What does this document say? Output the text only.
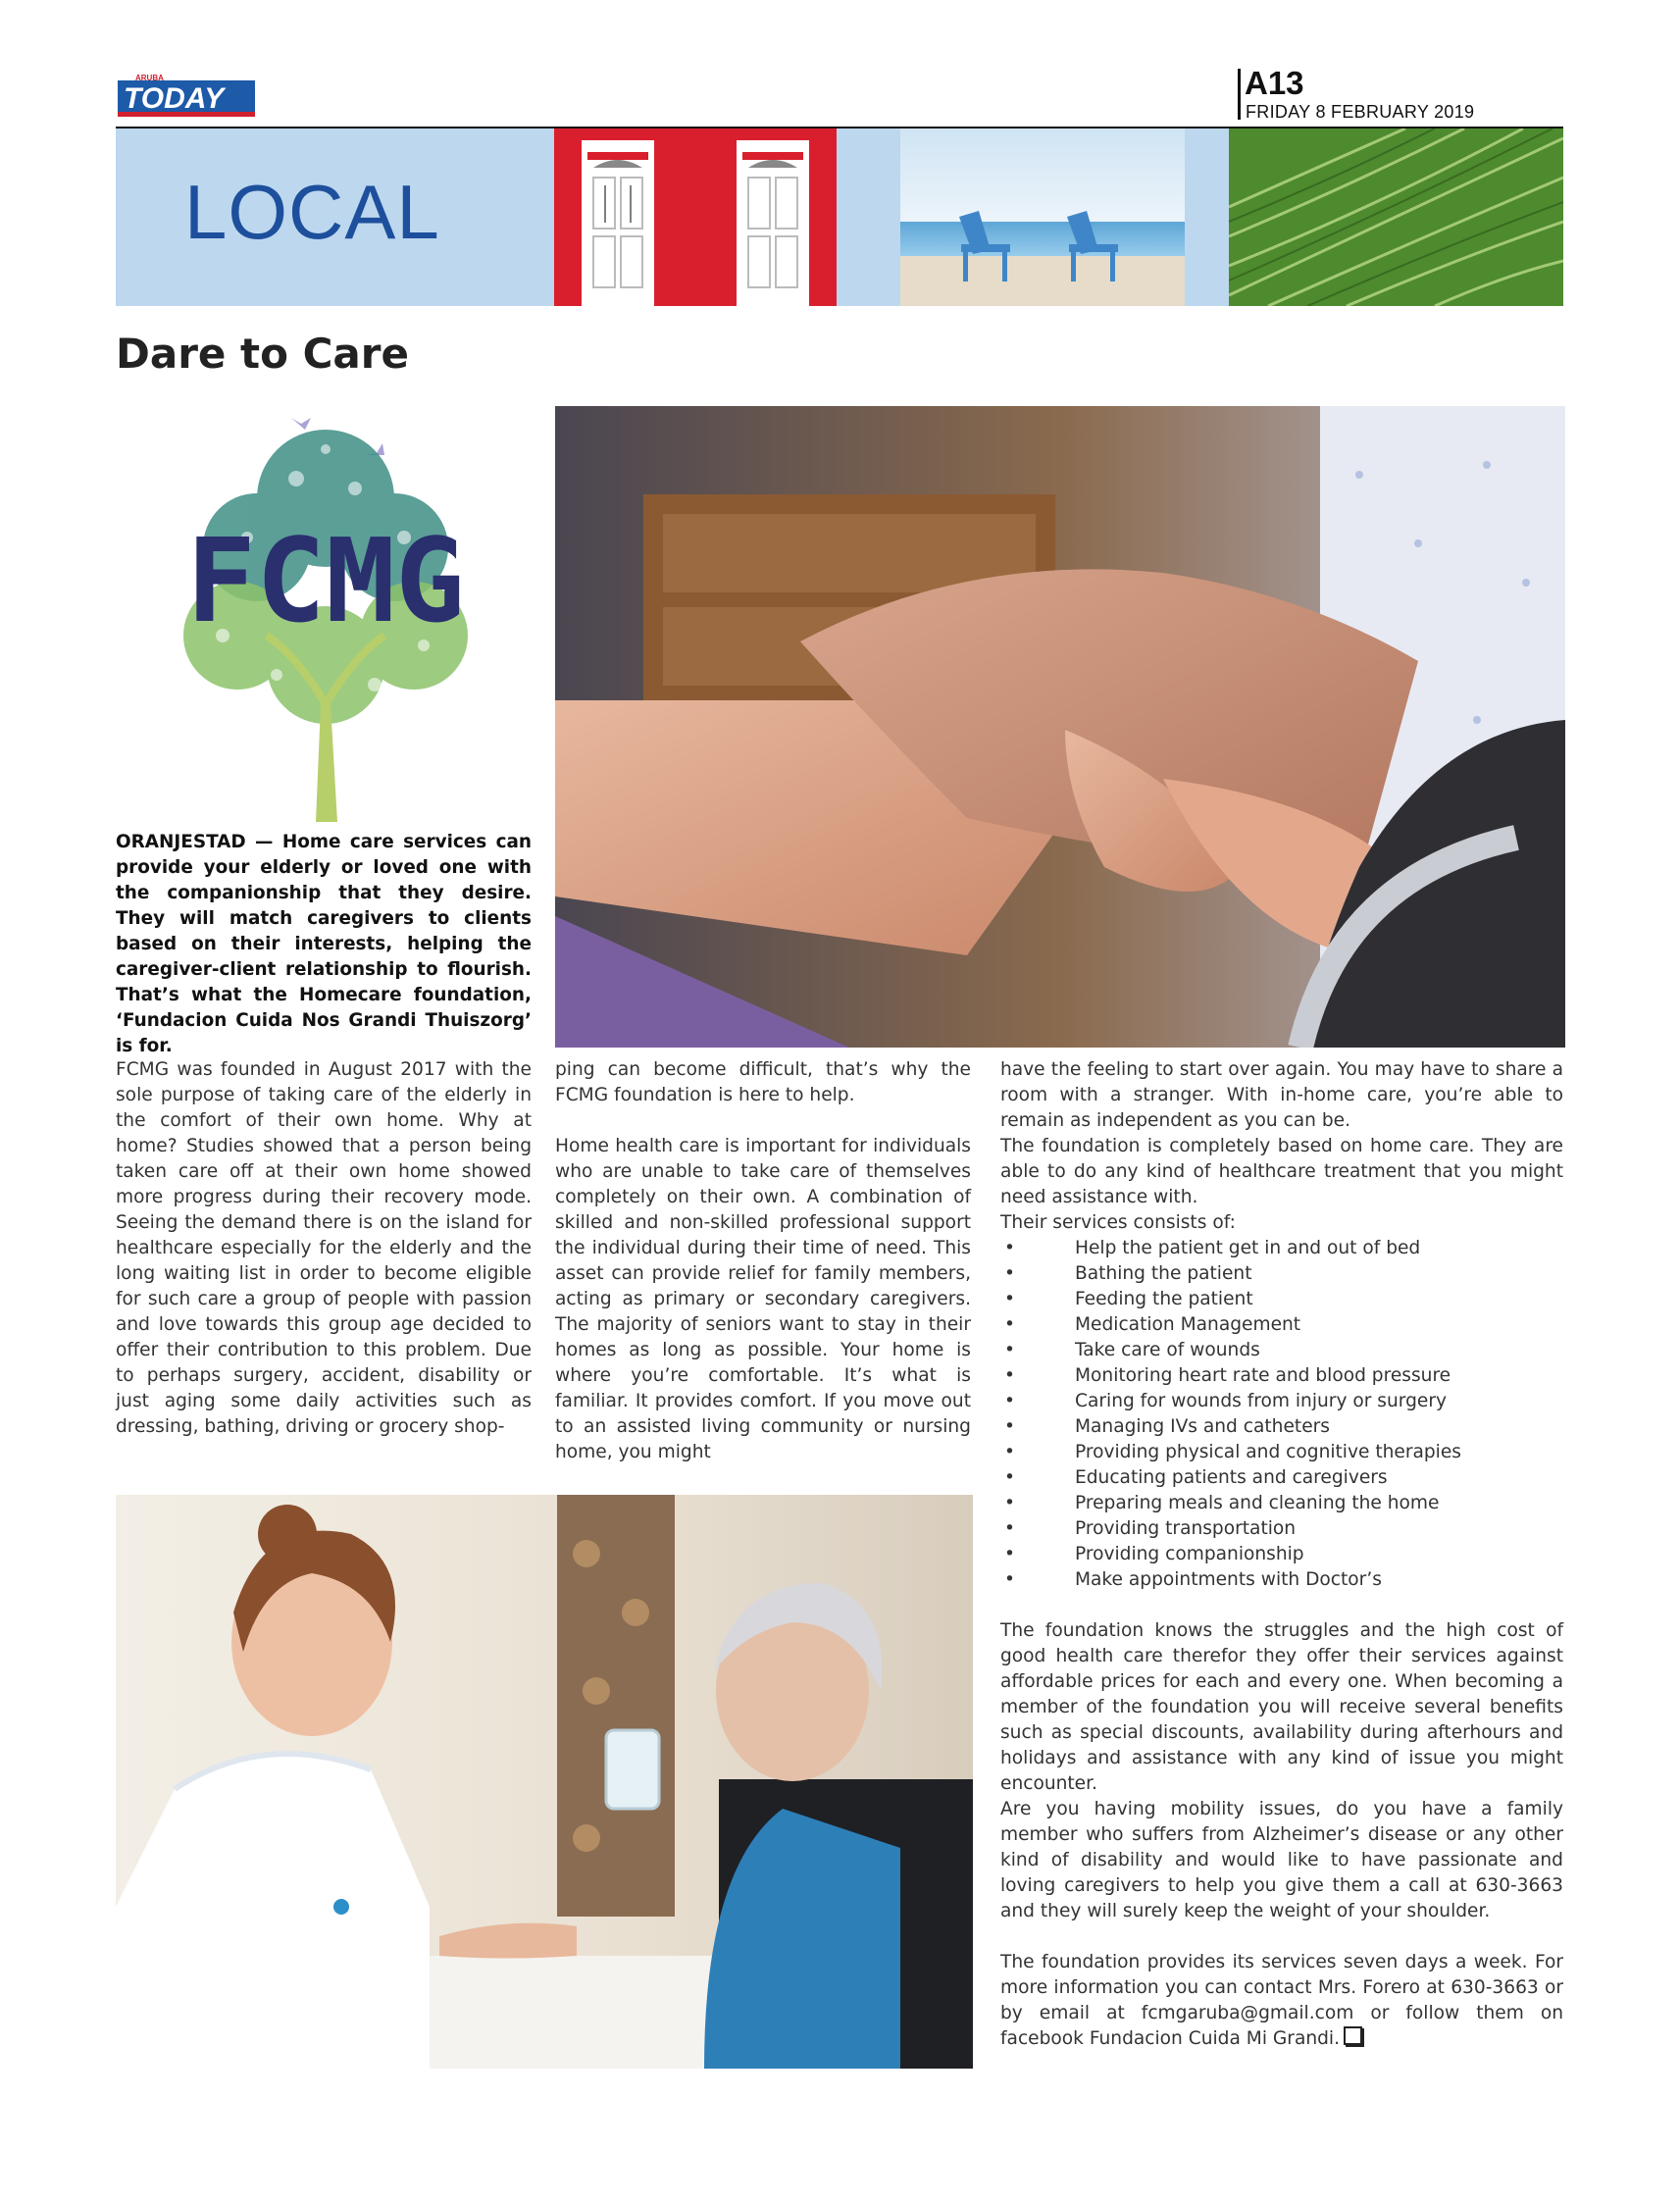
ARUBA
TODAY	A13
FRIDAY 8 FEBRUARY 2019
LOCAL
Dare to Care
FCMG
ORANJESTAD — Home care services can provide your elderly or loved one with the companionship that they desire. They will match caregivers to clients based on their interests, helping the caregiver-client relationship to flourish. That’s what the Homecare foundation, ‘Fundacion Cuida Nos Grandi Thuiszorg’ is for.

FCMG was founded in August 2017 with the sole purpose of taking care of the elderly in the comfort of their own home. Why at home? Studies showed that a person being taken care off at their own home showed more progress during their recovery mode. Seeing the demand there is on the island for healthcare especially for the elderly and the long waiting list in order to become eligible for such care a group of people with passion and love towards this group age decided to offer their contribution to this problem. Due to perhaps surgery, accident, disability or just aging some daily activities such as dressing, bathing, driving or grocery shop-

ping can become difficult, that’s why the FCMG foundation is here to help.

Home health care is important for individuals who are unable to take care of themselves completely on their own. A combination of skilled and non-skilled professional support the individual during their time of need. This asset can provide relief for family members, acting as primary or secondary caregivers. The majority of seniors want to stay in their homes as long as possible. Your home is where you’re comfortable. It’s what is familiar. It provides comfort. If you move out to an assisted living community or nursing home, you might

have the feeling to start over again. You may have to share a room with a stranger. With in-home care, you’re able to remain as independent as you can be.

The foundation is completely based on home care. They are able to do any kind of healthcare treatment that you might need assistance with.

Their services consists of:

• Help the patient get in and out of bed
• Bathing the patient
• Feeding the patient
• Medication Management
• Take care of wounds
• Monitoring heart rate and blood pressure
• Caring for wounds from injury or surgery
• Managing IVs and catheters
• Providing physical and cognitive therapies
• Educating patients and caregivers
• Preparing meals and cleaning the home
• Providing transportation
• Providing companionship
• Make appointments with Doctor’s

The foundation knows the struggles and the high cost of good health care therefor they offer their services against affordable prices for each and every one. When becoming a member of the foundation you will receive several benefits such as special discounts, availability during afterhours and holidays and assistance with any kind of issue you might encounter.

Are you having mobility issues, do you have a family member who suffers from Alzheimer’s disease or any other kind of disability and would like to have passionate and loving caregivers to help you give them a call at 630-3663 and they will surely keep the weight of your shoulder.

The foundation provides its services seven days a week. For more information you can contact Mrs. Forero at 630-3663 or by email at fcmgaruba@gmail.com or follow them on facebook Fundacion Cuida Mi Grandi.
